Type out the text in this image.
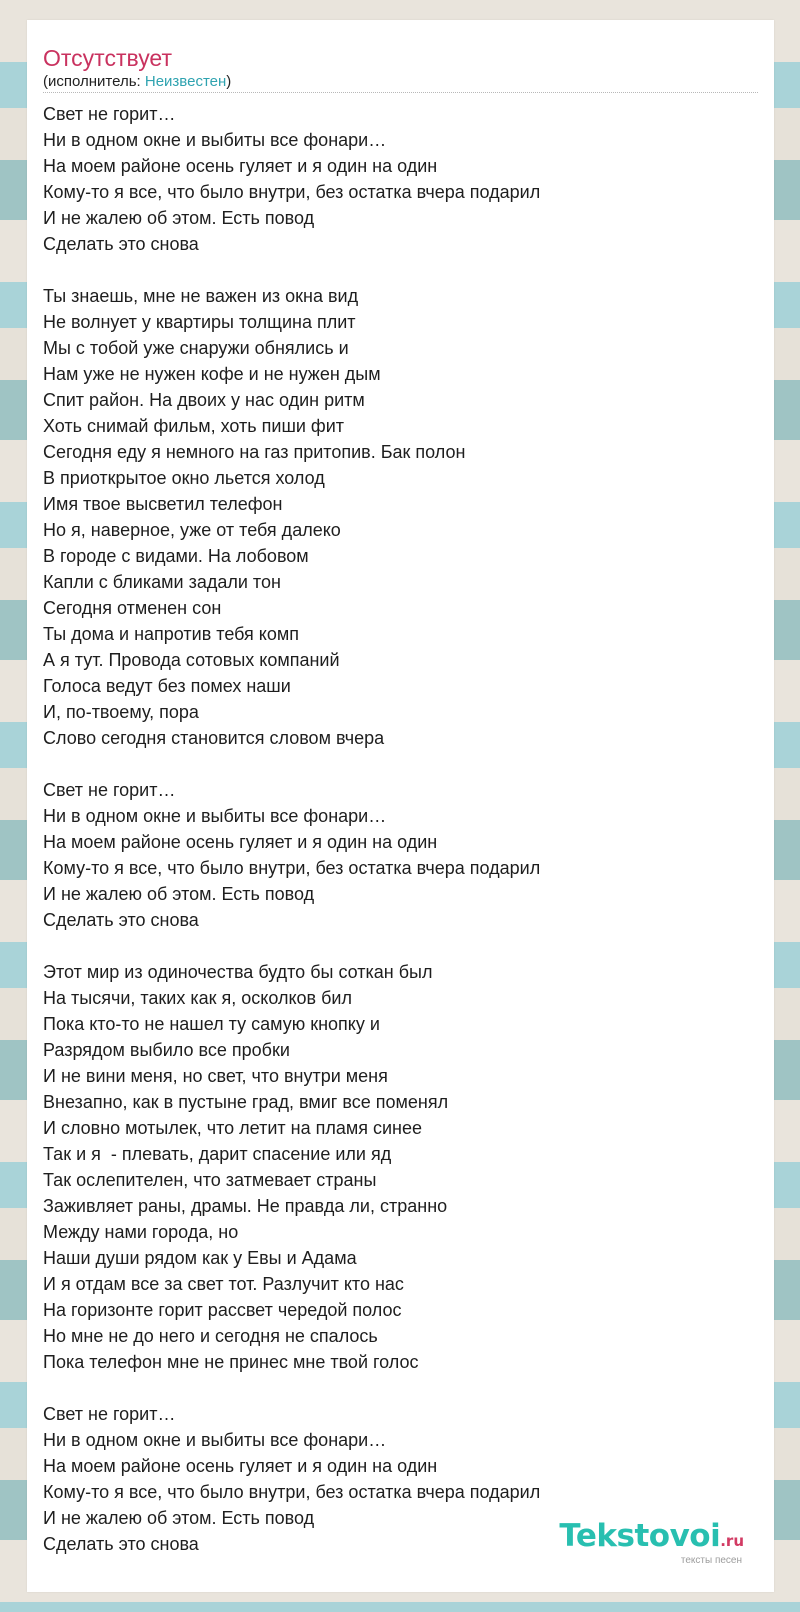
Отсутствует
(исполнитель: Неизвестен)
Свет не горит…
Ни в одном окне и выбиты все фонари…
На моем районе осень гуляет и я один на один
Кому-то я все, что было внутри, без остатка вчера подарил
И не жалею об этом. Есть повод
Сделать это снова
Ты знаешь, мне не важен из окна вид
Не волнует у квартиры толщина плит
Мы с тобой уже снаружи обнялись и
Нам уже не нужен кофе и не нужен дым
Спит район. На двоих у нас один ритм
Хоть снимай фильм, хоть пиши фит
Сегодня еду я немного на газ притопив. Бак полон
В приоткрытое окно льется холод
Имя твое высветил телефон
Но я, наверное, уже от тебя далеко
В городе с видами. На лобовом
Капли с бликами задали тон
Сегодня отменен сон
Ты дома и напротив тебя комп
А я тут. Провода сотовых компаний
Голоса ведут без помех наши
И, по-твоему, пора
Слово сегодня становится словом вчера
Свет не горит…
Ни в одном окне и выбиты все фонари…
На моем районе осень гуляет и я один на один
Кому-то я все, что было внутри, без остатка вчера подарил
И не жалею об этом. Есть повод
Сделать это снова
Этот мир из одиночества будто бы соткан был
На тысячи, таких как я, осколков бил
Пока кто-то не нашел ту самую кнопку и
Разрядом выбило все пробки
И не вини меня, но свет, что внутри меня
Внезапно, как в пустыне град, вмиг все поменял
И словно мотылек, что летит на пламя синее
Так и я  - плевать, дарит спасение или яд
Так ослепителен, что затмевает страны
Заживляет раны, драмы. Не правда ли, странно
Между нами города, но
Наши души рядом как у Евы и Адама
И я отдам все за свет тот. Разлучит кто нас
На горизонте горит рассвет чередой полос
Но мне не до него и сегодня не спалось
Пока телефон мне не принес мне твой голос
Свет не горит…
Ни в одном окне и выбиты все фонари…
На моем районе осень гуляет и я один на один
Кому-то я все, что было внутри, без остатка вчера подарил
И не жалею об этом. Есть повод
Сделать это снова	Tekstovoi.ru
тексты песен
